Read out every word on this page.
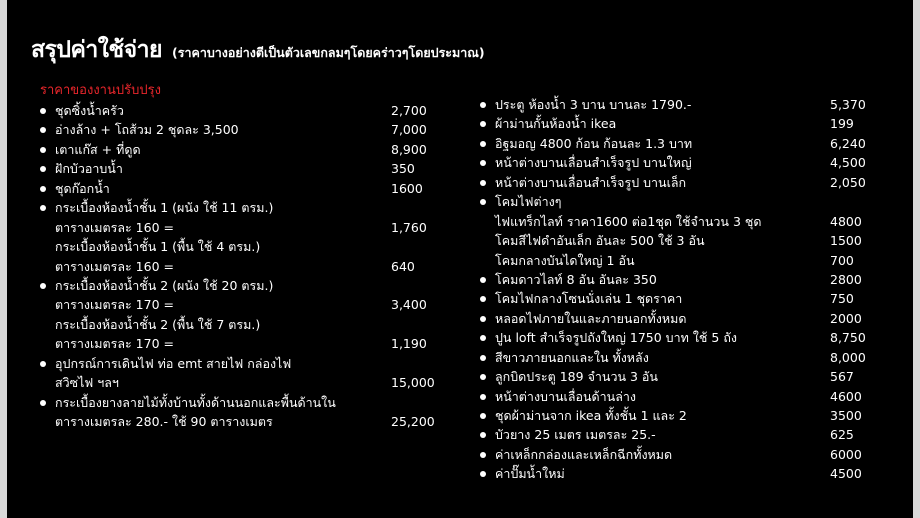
สรุปค่าใช้จ่าย (ราคาบางอย่างตีเป็นตัวเลขกลมๆโดยคร่าวๆโดยประมาณ)
ราคาของงานปรับปรุง
ชุดซิ้งน้ำครัว	2,700
อ่างล้าง + โถส้วม 2 ชุดละ 3,500	7,000
เตาแก๊ส + ที่ดูด	8,900
ฝักบัวอาบน้ำ	350
ชุดก๊อกน้ำ	1600
กระเบื้องห้องน้ำชั้น 1 (ผนัง ใช้ 11 ตรม.)
ตารางเมตรละ 160 =	1,760
กระเบื้องห้องน้ำชั้น 1 (พื้น ใช้ 4 ตรม.)
ตารางเมตรละ 160 =	640
กระเบื้องห้องน้ำชั้น 2 (ผนัง ใช้ 20 ตรม.)
ตารางเมตรละ 170 =	3,400
กระเบื้องห้องน้ำชั้น 2 (พื้น ใช้ 7 ตรม.)
ตารางเมตรละ 170 =	1,190
อุปกรณ์การเดินไฟ ท่อ emt สายไฟ กล่องไฟ
สวิซไฟ ฯลฯ	15,000
กระเบื้องยางลายไม้ทั้งบ้านทั้งด้านนอกและพื้นด้านใน
ตารางเมตรละ 280.- ใช้ 90 ตารางเมตร	25,200
ประตู ห้องน้ำ 3 บาน บานละ 1790.-	5,370
ผ้าม่านกั้นห้องน้ำ ikea	199
อิฐมอญ 4800 ก้อน ก้อนละ 1.3 บาท	6,240
หน้าต่างบานเลื่อนสำเร็จรูป บานใหญ่	4,500
หน้าต่างบานเลื่อนสำเร็จรูป บานเล็ก	2,050
โคมไฟต่างๆ
ไฟแทร็กไลท์ ราคา1600 ต่อ1ชุด ใช้จำนวน 3 ชุด	4800
โคมสีไฟดำอันเล็ก อันละ 500 ใช้ 3 อัน	1500
โคมกลางบันไดใหญ่ 1 อัน	700
โคมดาวไลท์ 8 อัน อันละ 350	2800
โคมไฟกลางโซนนั่งเล่น 1 ชุดราคา	750
หลอดไฟภายในและภายนอกทั้งหมด	2000
ปูน loft สำเร็จรูปถังใหญ่ 1750 บาท ใช้ 5 ถัง	8,750
สีขาวภายนอกและใน ทั้งหลัง	8,000
ลูกบิดประตู 189 จำนวน 3 อัน	567
หน้าต่างบานเลื่อนด้านล่าง	4600
ชุดผ้าม่านจาก ikea ทั้งชั้น 1 และ 2	3500
บัวยาง 25 เมตร เมตรละ 25.-	625
ค่าเหล็กกล่องและเหล็กฉีกทั้งหมด	6000
ค่าปั๊มน้ำใหม่	4500
